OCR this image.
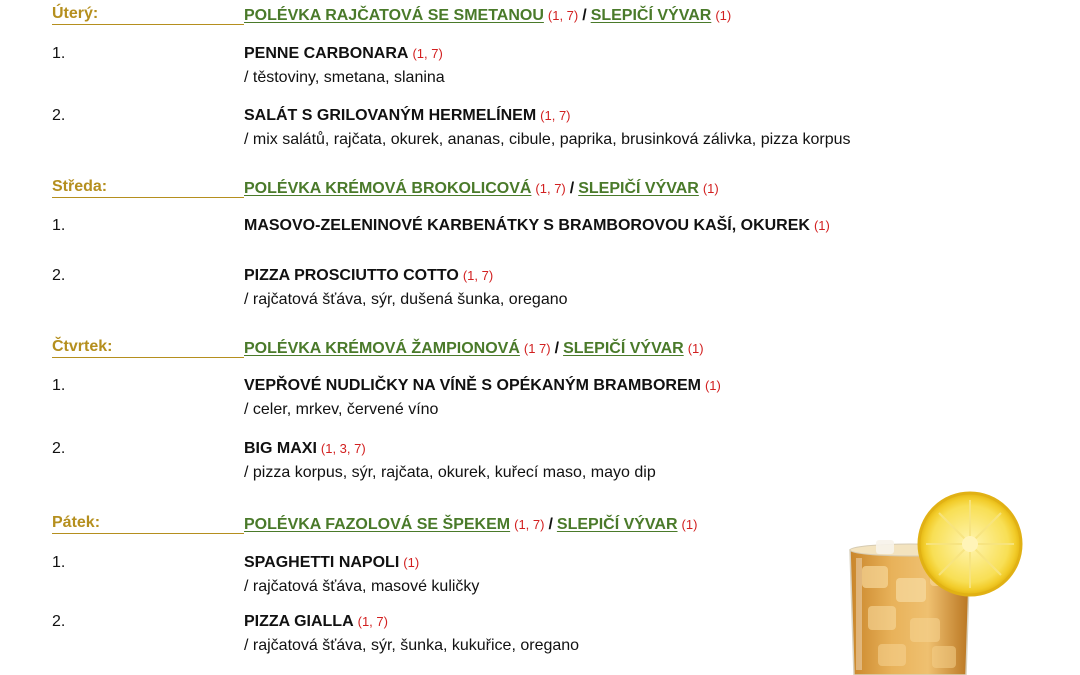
Úterý:	POLÉVKA RAJČATOVÁ SE SMETANOU (1, 7) / SLEPIČÍ VÝVAR (1)
1.	PENNE CARBONARA (1, 7)
/ těstoviny, smetana, slanina
2.	SALÁT S GRILOVANÝM HERMELÍNEM (1, 7)
/ mix salátů, rajčata, okurek, ananas, cibule, paprika, brusinková zálivka, pizza korpus
Středa:	POLÉVKA KRÉMOVÁ BROKOLICOVÁ (1, 7) / SLEPIČÍ VÝVAR (1)
1.	MASOVO-ZELENINOVÉ KARBENÁTKY S BRAMBOROVOU KAŠÍ, OKUREK (1)
2.	PIZZA PROSCIUTTO COTTO (1, 7)
/ rajčatová šťáva, sýr, dušená šunka, oregano
Čtvrtek:	POLÉVKA KRÉMOVÁ ŽAMPIONOVÁ (1 7) / SLEPIČÍ VÝVAR (1)
1.	VEPŘOVÉ NUDLIČKY NA VÍNĚ S OPÉKANÝM BRAMBOREM (1)
/ celer, mrkev, červené víno
2.	BIG MAXI (1, 3, 7)
/ pizza korpus, sýr, rajčata, okurek, kuřecí maso, mayo dip
Pátek:	POLÉVKA FAZOLOVÁ SE ŠPEKEM (1, 7) / SLEPIČÍ VÝVAR (1)
1.	SPAGHETTI NAPOLI (1)
/ rajčatová šťáva, masové kuličky
2.	PIZZA GIALLA (1, 7)
/ rajčatová šťáva, sýr, šunka, kukuřice, oregano
